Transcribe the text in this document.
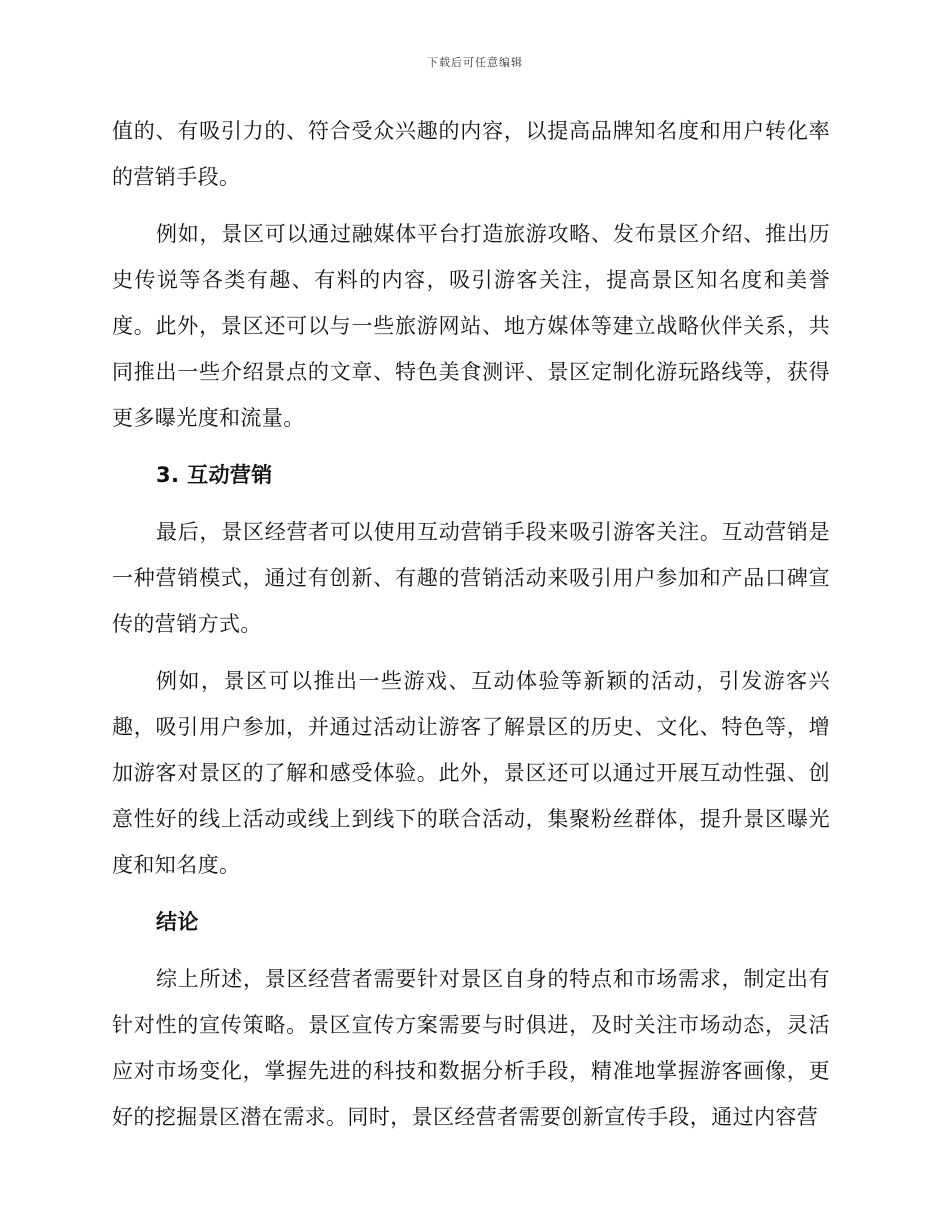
下载后可任意编辑

值的、有吸引力的、符合受众兴趣的内容，以提高品牌知名度和用户转化率的营销手段。

例如，景区可以通过融媒体平台打造旅游攻略、发布景区介绍、推出历史传说等各类有趣、有料的内容，吸引游客关注，提高景区知名度和美誉度。此外，景区还可以与一些旅游网站、地方媒体等建立战略伙伴关系，共同推出一些介绍景点的文章、特色美食测评、景区定制化游玩路线等，获得更多曝光度和流量。

3. 互动营销

最后，景区经营者可以使用互动营销手段来吸引游客关注。互动营销是一种营销模式，通过有创新、有趣的营销活动来吸引用户参加和产品口碑宣传的营销方式。

例如，景区可以推出一些游戏、互动体验等新颖的活动，引发游客兴趣，吸引用户参加，并通过活动让游客了解景区的历史、文化、特色等，增加游客对景区的了解和感受体验。此外，景区还可以通过开展互动性强、创意性好的线上活动或线上到线下的联合活动，集聚粉丝群体，提升景区曝光度和知名度。

结论

综上所述，景区经营者需要针对景区自身的特点和市场需求，制定出有针对性的宣传策略。景区宣传方案需要与时俱进，及时关注市场动态，灵活应对市场变化，掌握先进的科技和数据分析手段，精准地掌握游客画像，更好的挖掘景区潜在需求。同时，景区经营者需要创新宣传手段，通过内容营
